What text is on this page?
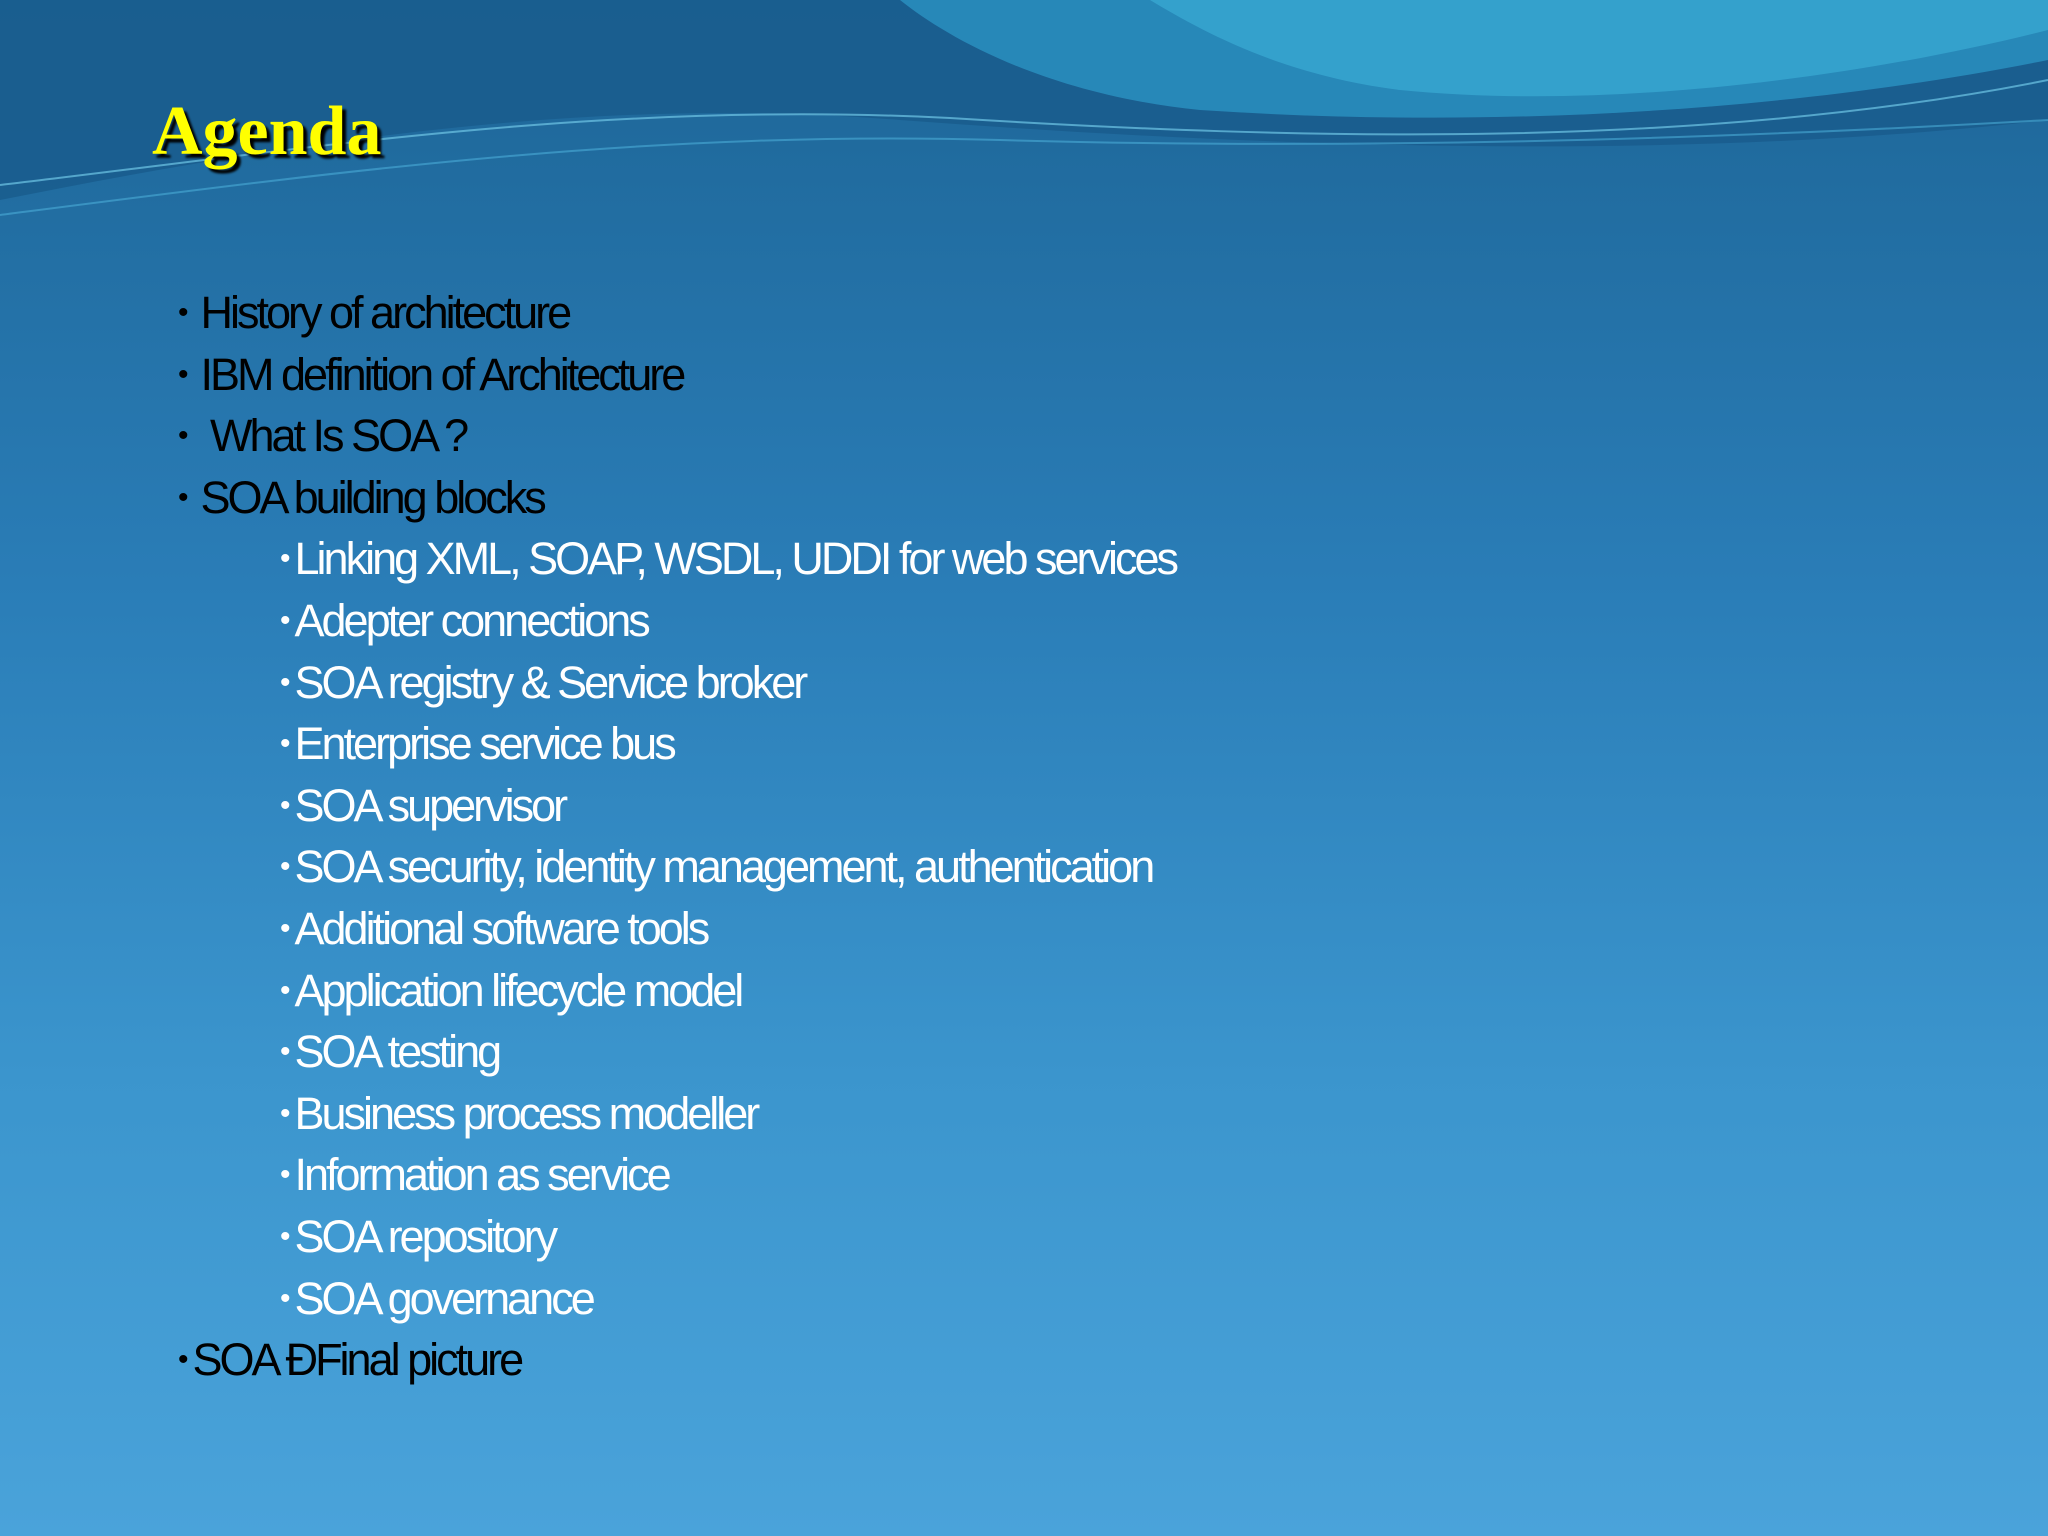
Agenda
• History of architecture
• IBM definition of Architecture
• What Is SOA ?
• SOA building blocks
•Linking XML, SOAP, WSDL, UDDI for web services
•Adepter connections
•SOA registry & Service broker
•Enterprise service bus
•SOA supervisor
•SOA security, identity management, authentication
•Additional software tools
•Application lifecycle model
•SOA testing
•Business process modeller
•Information as service
•SOA repository
•SOA governance
•SOA ĐFinal picture
